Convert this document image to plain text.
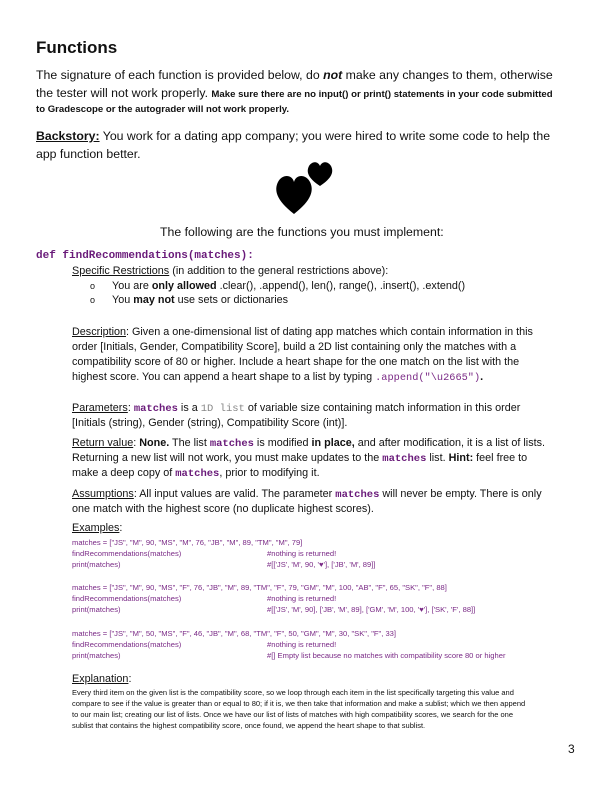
Functions
The signature of each function is provided below, do not make any changes to them, otherwise
the tester will not work properly. Make sure there are no input() or print() statements in your code submitted
to Gradescope or the autograder will not work properly.
Backstory: You work for a dating app company; you were hired to write some code to help the
app function better.
The following are the functions you must implement:
def findRecommendations(matches):
Specific Restrictions (in addition to the general restrictions above):
o You are only allowed .clear(), .append(), len(), range(), .insert(), .extend()
o You may not use sets or dictionaries
Description: Given a one-dimensional list of dating app matches which contain information in this
order [Initials, Gender, Compatibility Score], build a 2D list containing only the matches with a
compatibility score of 80 or higher. Include a heart shape for the one match on the list with the
highest score. You can append a heart shape to a list by typing .append("\u2665").
Parameters: matches is a 1D list of variable size containing match information in this order
[Initials (string), Gender (string), Compatibility Score (int)].
Return value: None. The list matches is modified in place, and after modification, it is a list of lists.
Returning a new list will not work, you must make updates to the matches list. Hint: feel free to
make a deep copy of matches, prior to modifying it.
Assumptions: All input values are valid. The parameter matches will never be empty. There is only
one match with the highest score (no duplicate highest scores).
Examples:
matches = ["JS", "M", 90, "MS", "M", 76, "JB", "M", 89, "TM", "M", 79]
findRecommendations(matches)	#nothing is returned!
print(matches)	#[['JS', 'M', 90, '♥'], ['JB', 'M', 89]]
matches = ["JS", "M", 90, "MS", "F", 76, "JB", "M", 89, "TM", "F", 79, "GM", "M", 100, "AB", "F", 65, "SK", "F", 88]
findRecommendations(matches)	#nothing is returned!
print(matches)	#[['JS', 'M', 90], ['JB', 'M', 89], ['GM', 'M', 100, '♥'], ['SK', 'F', 88]]
matches = ["JS", "M", 50, "MS", "F", 46, "JB", "M", 68, "TM", "F", 50, "GM", "M", 30, "SK", "F", 33]
findRecommendations(matches)	#nothing is returned!
print(matches)	#[] Empty list because no matches with compatibility score 80 or higher
Explanation:
Every third item on the given list is the compatibility score, so we loop through each item in the list specifically targeting this value and
compare to see if the value is greater than or equal to 80; if it is, we then take that information and make a sublist; which we then append
to our main list; creating our list of lists. Once we have our list of lists of matches with high compatibility scores, we search for the one
sublist that contains the highest compatibility score, once found, we append the heart shape to that sublist.
3
